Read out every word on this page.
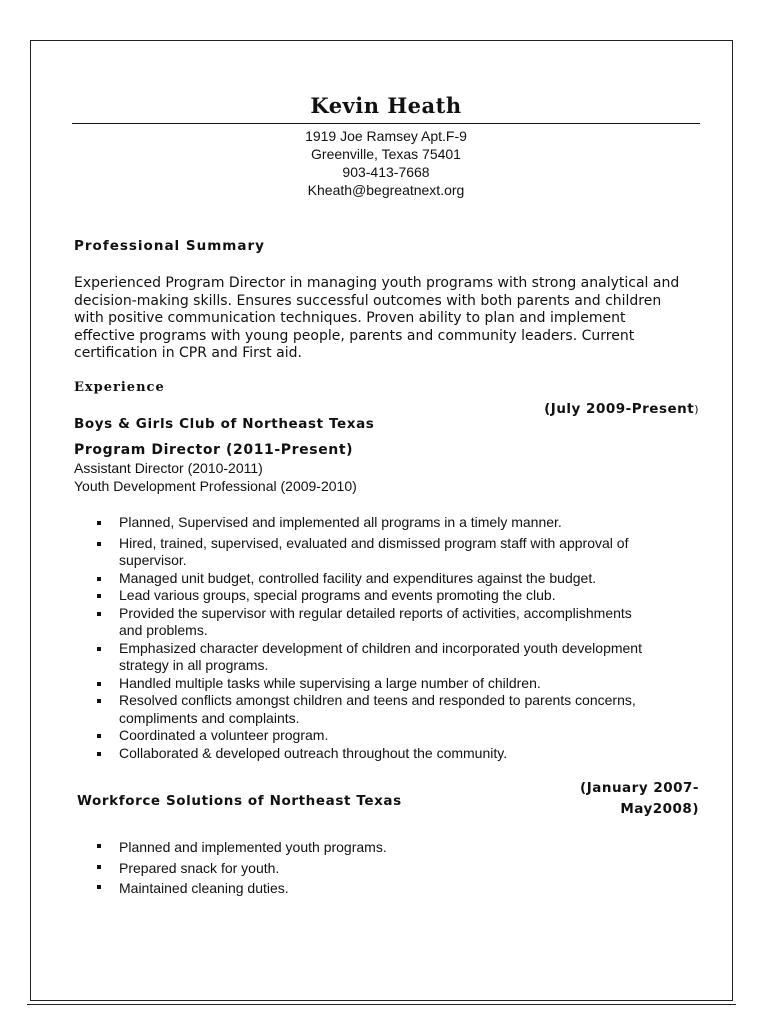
Kevin Heath
1919 Joe Ramsey Apt.F-9
Greenville, Texas 75401
903-413-7668
Kheath@begreatnext.org
Professional Summary
Experienced Program Director in managing youth programs with strong analytical and
decision-making skills. Ensures successful outcomes with both parents and children
with positive communication techniques. Proven ability to plan and implement
effective programs with young people, parents and community leaders. Current
certification in CPR and First aid.
Experience
(July 2009-Present)
Boys & Girls Club of Northeast Texas
Program Director (2011-Present)
Assistant Director (2010-2011)
Youth Development Professional (2009-2010)
Planned, Supervised and implemented all programs in a timely manner.
Hired, trained, supervised, evaluated and dismissed program staff with approval of
supervisor.
Managed unit budget, controlled facility and expenditures against the budget.
Lead various groups, special programs and events promoting the club.
Provided the supervisor with regular detailed reports of activities, accomplishments
and problems.
Emphasized character development of children and incorporated youth development
strategy in all programs.
Handled multiple tasks while supervising a large number of children.
Resolved conflicts amongst children and teens and responded to parents concerns,
compliments and complaints.
Coordinated a volunteer program.
Collaborated & developed outreach throughout the community.
(January 2007-
May2008)
Workforce Solutions of Northeast Texas
Planned and implemented youth programs.
Prepared snack for youth.
Maintained cleaning duties.
